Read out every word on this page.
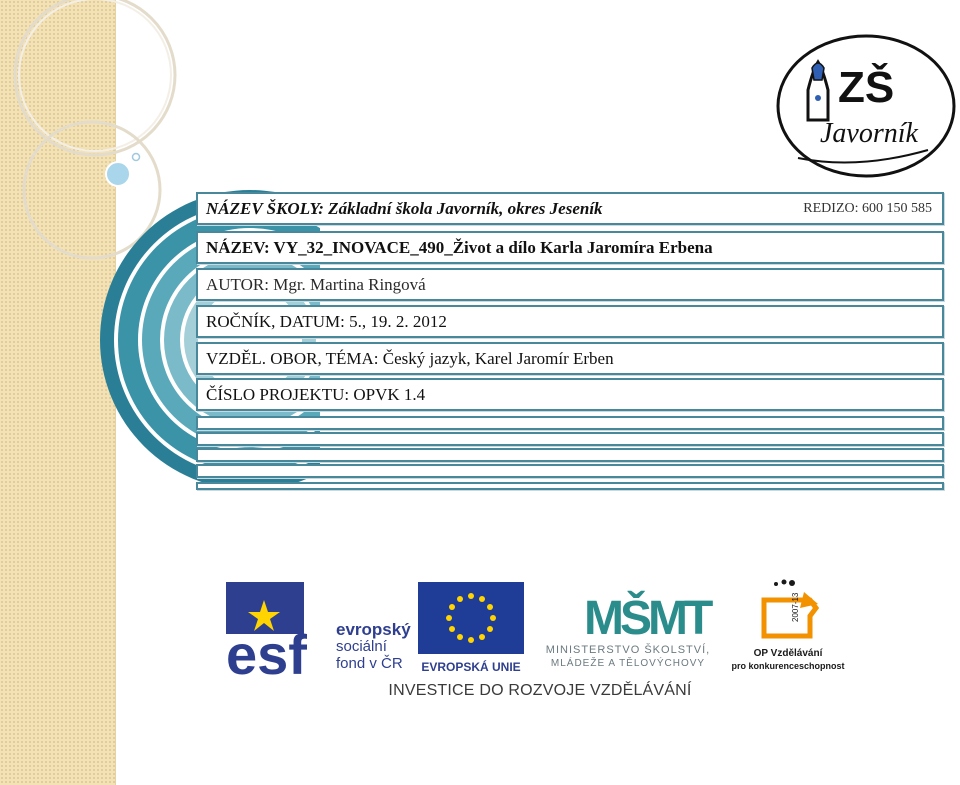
NÁZEV ŠKOLY: Základní škola Javorník, okres Jeseník	REDIZO: 600 150 585
NÁZEV: VY_32_INOVACE_490_Život a dílo Karla Jaromíra Erbena
AUTOR: Mgr. Martina Ringová
ROČNÍK, DATUM: 5., 19. 2. 2012
VZDĚL. OBOR, TÉMA: Český jazyk, Karel Jaromír Erben
ČÍSLO PROJEKTU: OPVK 1.4
ZŠ
Javorník
esf evropský
sociální
fond v ČR EVROPSKÁ UNIE
MŠMT
MINISTERSTVO ŠKOLSTVÍ,
MLÁDEŽE A TĚLOVÝCHOVY
2007-13
OP Vzdělávání
pro konkurenceschopnost
INVESTICE DO ROZVOJE VZDĚLÁVÁNÍ
